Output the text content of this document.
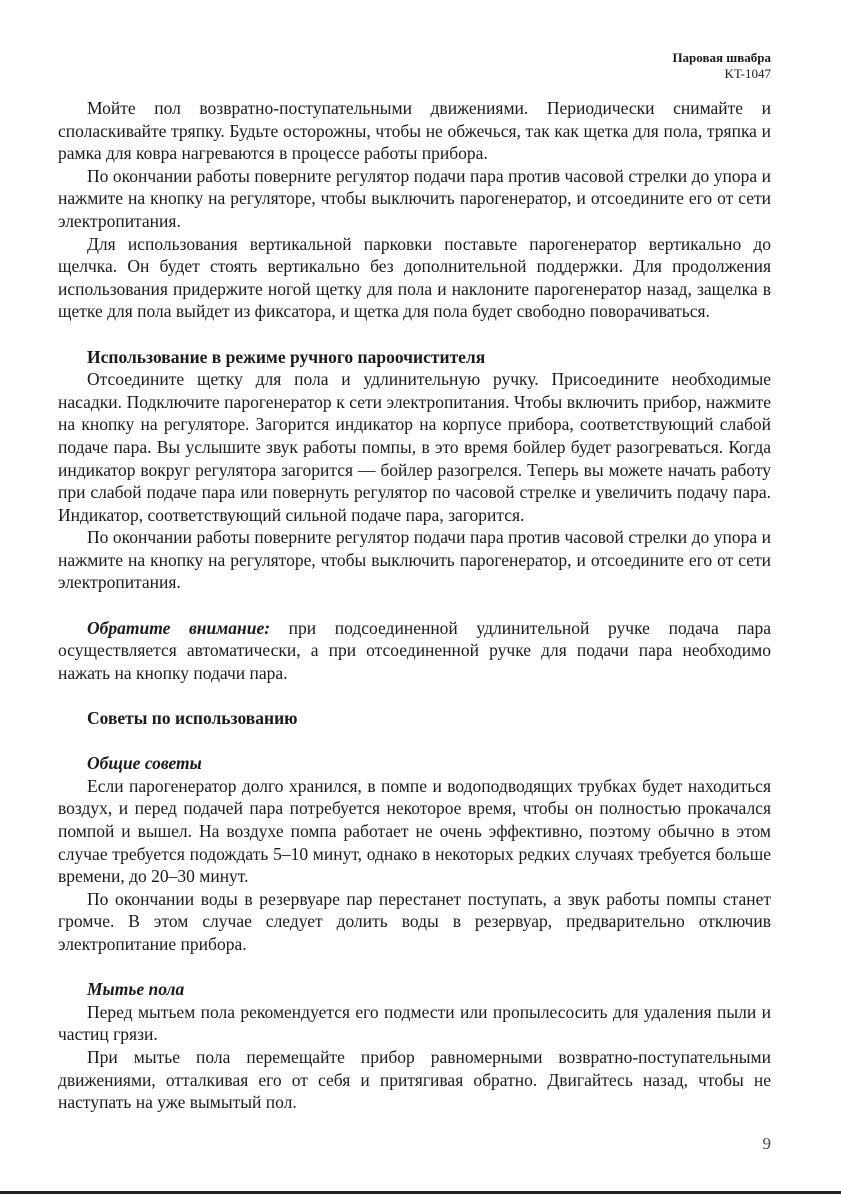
Паровая швабра
KT-1047

Мойте пол возвратно-поступательными движениями. Периодически снимайте и споласкивайте тряпку. Будьте осторожны, чтобы не обжечься, так как щетка для пола, тряпка и рамка для ковра нагреваются в процессе работы прибора.

По окончании работы поверните регулятор подачи пара против часовой стрелки до упора и нажмите на кнопку на регуляторе, чтобы выключить парогенератор, и отсоедините его от сети электропитания.

Для использования вертикальной парковки поставьте парогенератор вертикально до щелчка. Он будет стоять вертикально без дополнительной поддержки. Для продолжения использования придержите ногой щетку для пола и наклоните парогенератор назад, защелка в щетке для пола выйдет из фиксатора, и щетка для пола будет свободно поворачиваться.

Использование в режиме ручного пароочистителя

Отсоедините щетку для пола и удлинительную ручку. Присоедините необходимые насадки. Подключите парогенератор к сети электропитания. Чтобы включить прибор, нажмите на кнопку на регуляторе. Загорится индикатор на корпусе прибора, соответствующий слабой подаче пара. Вы услышите звук работы помпы, в это время бойлер будет разогреваться. Когда индикатор вокруг регулятора загорится — бойлер разогрелся. Теперь вы можете начать работу при слабой подаче пара или повернуть регулятор по часовой стрелке и увеличить подачу пара. Индикатор, соответствующий сильной подаче пара, загорится.

По окончании работы поверните регулятор подачи пара против часовой стрелки до упора и нажмите на кнопку на регуляторе, чтобы выключить парогенератор, и отсоедините его от сети электропитания.

Обратите внимание: при подсоединенной удлинительной ручке подача пара осуществляется автоматически, а при отсоединенной ручке для подачи пара необходимо нажать на кнопку подачи пара.

Советы по использованию
Общие советы

Если парогенератор долго хранился, в помпе и водоподводящих трубках будет находиться воздух, и перед подачей пара потребуется некоторое время, чтобы он полностью прокачался помпой и вышел. На воздухе помпа работает не очень эффективно, поэтому обычно в этом случае требуется подождать 5–10 минут, однако в некоторых редких случаях требуется больше времени, до 20–30 минут.

По окончании воды в резервуаре пар перестанет поступать, а звук работы помпы станет громче. В этом случае следует долить воды в резервуар, предварительно отключив электропитание прибора.

Мытье пола

Перед мытьем пола рекомендуется его подмести или пропылесосить для удаления пыли и частиц грязи.

При мытье пола перемещайте прибор равномерными возвратно-поступательными движениями, отталкивая его от себя и притягивая обратно. Двигайтесь назад, чтобы не наступать на уже вымытый пол.

9
